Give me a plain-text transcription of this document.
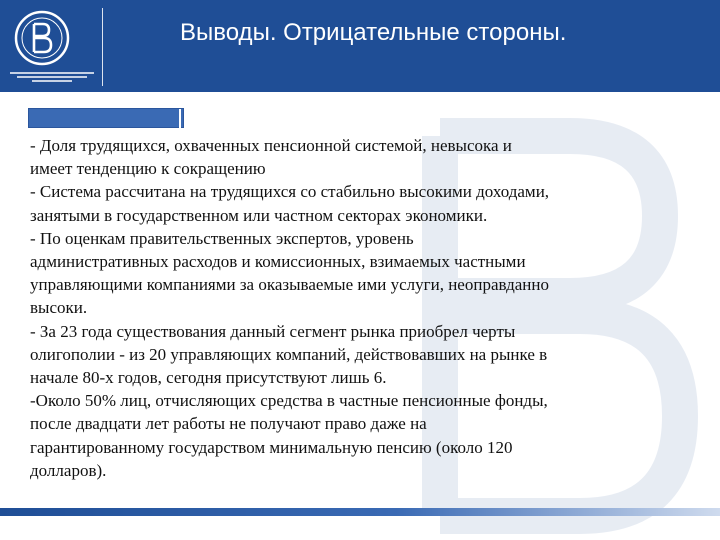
Выводы. Отрицательные стороны.

- Доля трудящихся, охваченных пенсионной системой, невысока и

имеет тенденцию к сокращению

- Система рассчитана на трудящихся со стабильно высокими доходами,

занятыми в государственном или частном секторах экономики.

- По оценкам правительственных экспертов, уровень

административных расходов и комиссионных, взимаемых частными

управляющими компаниями за оказываемые ими услуги, неоправданно

высоки.

- За 23 года существования данный сегмент рынка приобрел черты

олигополии - из 20 управляющих компаний, действовавших на рынке в

начале 80-х годов, сегодня присутствуют лишь 6.

-Около 50% лиц, отчисляющих средства в частные пенсионные фонды,

после двадцати лет работы не получают право даже на

гарантированному государством минимальную пенсию (около 120

долларов).
